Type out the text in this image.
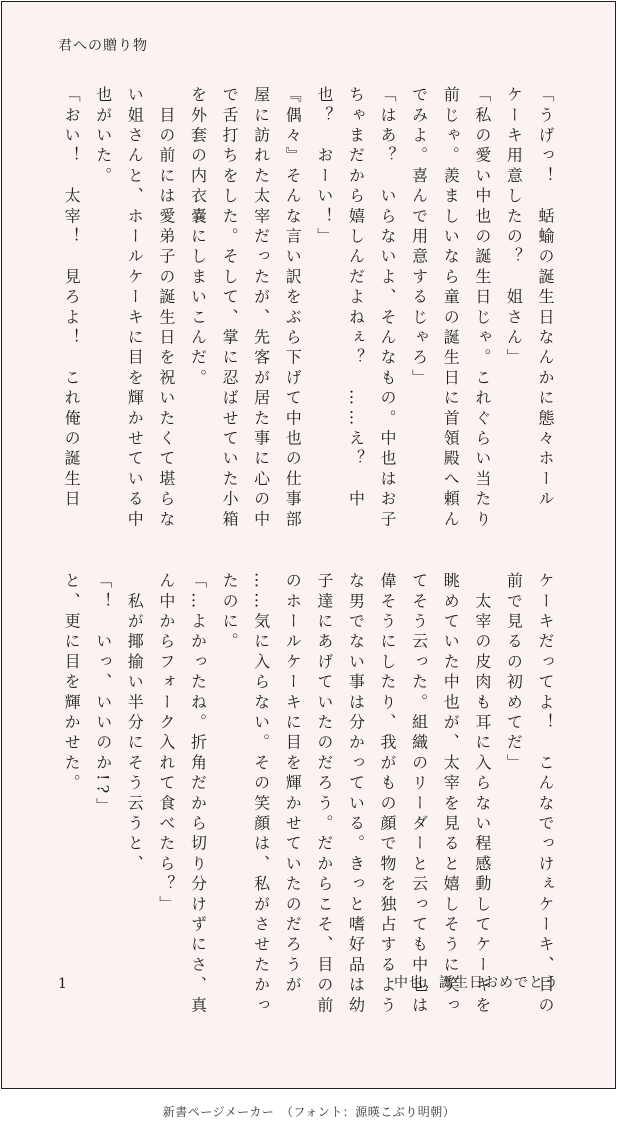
君への贈り物
「うげっ！　蛞蝓の誕生日なんかに態々ホール
ケーキ用意したの？　姐さん」
「私の愛い中也の誕生日じゃ。これぐらい当たり
前じゃ。羨ましいなら童の誕生日に首領殿へ頼ん
でみよ。喜んで用意するじゃろ」
「はあ？　いらないよ、そんなもの。中也はお子
ちゃまだから嬉しんだよねぇ？　……え？　中
也？　おーい！」
『偶々』そんな言い訳をぶら下げて中也の仕事部
屋に訪れた太宰だったが、先客が居た事に心の中
で舌打ちをした。そして、掌に忍ばせていた小箱
を外套の内衣嚢にしまいこんだ。
　目の前には愛弟子の誕生日を祝いたくて堪らな
い姐さんと、ホールケーキに目を輝かせている中
也がいた。
「おい！　太宰！　見ろよ！　これ俺の誕生日
ケーキだってよ！　こんなでっけぇケーキ、目の
前で見るの初めてだ」
　太宰の皮肉も耳に入らない程感動してケーキを
眺めていた中也が、太宰を見ると嬉しそうに笑っ
てそう云った。組織のリーダーと云っても中也は
偉そうにしたり、我がもの顔で物を独占するよう
な男でない事は分かっている。きっと嗜好品は幼
子達にあげていたのだろう。だからこそ、目の前
のホールケーキに目を輝かせていたのだろうが
……気に入らない。その笑顔は、私がさせたかっ
たのに。
「…よかったね。折角だから切り分けずにさ、真
ん中からフォーク入れて食べたら？」
　私が揶揄い半分にそう云うと、
「！　いっ、いいのか!?」
と、更に目を輝かせた。
1	中也、誕生日おめでとう
新書ページメーカー　（フォント：源暎こぶり明朝）
